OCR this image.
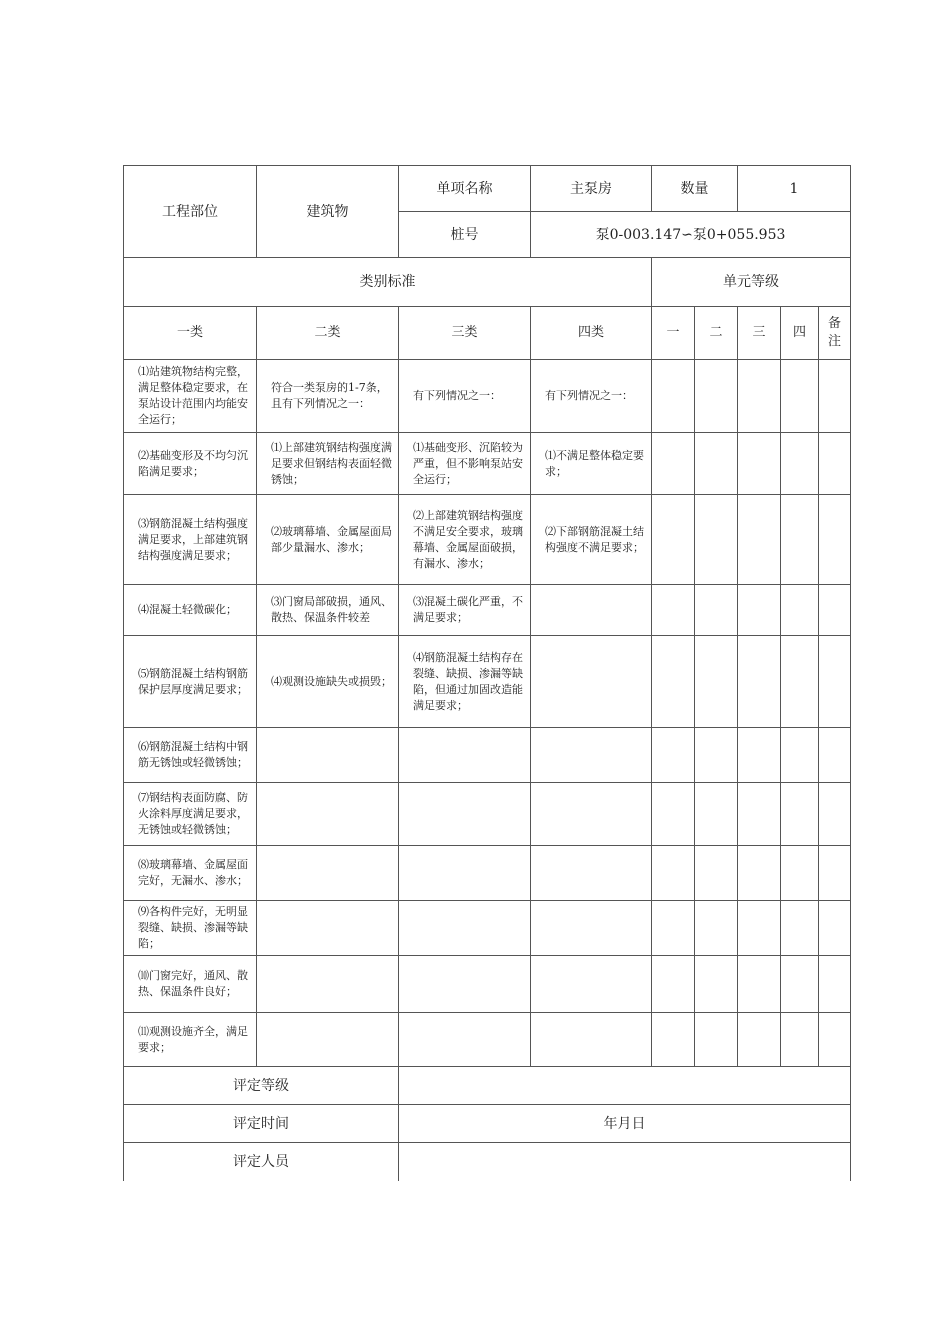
工程部位	建筑物	单项名称	主泵房	数量		1		
		桩号	泵0-003.147∽泵0+055.953					
类别标准				单元等级				
一类	二类	三类	四类	一	二	三	四	备注
⑴站建筑物结构完整，满足整体稳定要求，在泵站设计范围内均能安全运行；	符合一类泵房的1-7条，且有下列情况之一：	有下列情况之一：	有下列情况之一：					
⑵基础变形及不均匀沉陷满足要求；	⑴上部建筑钢结构强度满足要求但钢结构表面轻微锈蚀；	⑴基础变形、沉陷较为严重，但不影响泵站安全运行；	⑴不满足整体稳定要求；					
⑶钢筋混凝土结构强度满足要求，上部建筑钢结构强度满足要求；	⑵玻璃幕墙、金属屋面局部少量漏水、渗水；	⑵上部建筑钢结构强度不满足安全要求，玻璃幕墙、金属屋面破损，有漏水、渗水；	⑵下部钢筋混凝土结构强度不满足要求；					
⑷混凝土轻微碳化；	⑶门窗局部破损，通风、散热、保温条件较差	⑶混凝土碳化严重，不满足要求；						
⑸钢筋混凝土结构钢筋保护层厚度满足要求；	⑷观测设施缺失或损毁；	⑷钢筋混凝土结构存在裂缝、缺损、渗漏等缺陷，但通过加固改造能满足要求；						
⑹钢筋混凝土结构中钢筋无锈蚀或轻微锈蚀；								
⑺钢结构表面防腐、防火涂料厚度满足要求，无锈蚀或轻微锈蚀；								
⑻玻璃幕墙、金属屋面完好，无漏水、渗水；								
⑼各构件完好，无明显裂缝、缺损、渗漏等缺陷；								
⑽门窗完好，通风、散热、保温条件良好；								
⑾观测设施齐全，满足要求；								
评定等级								
评定时间		年月日						
评定人员								
